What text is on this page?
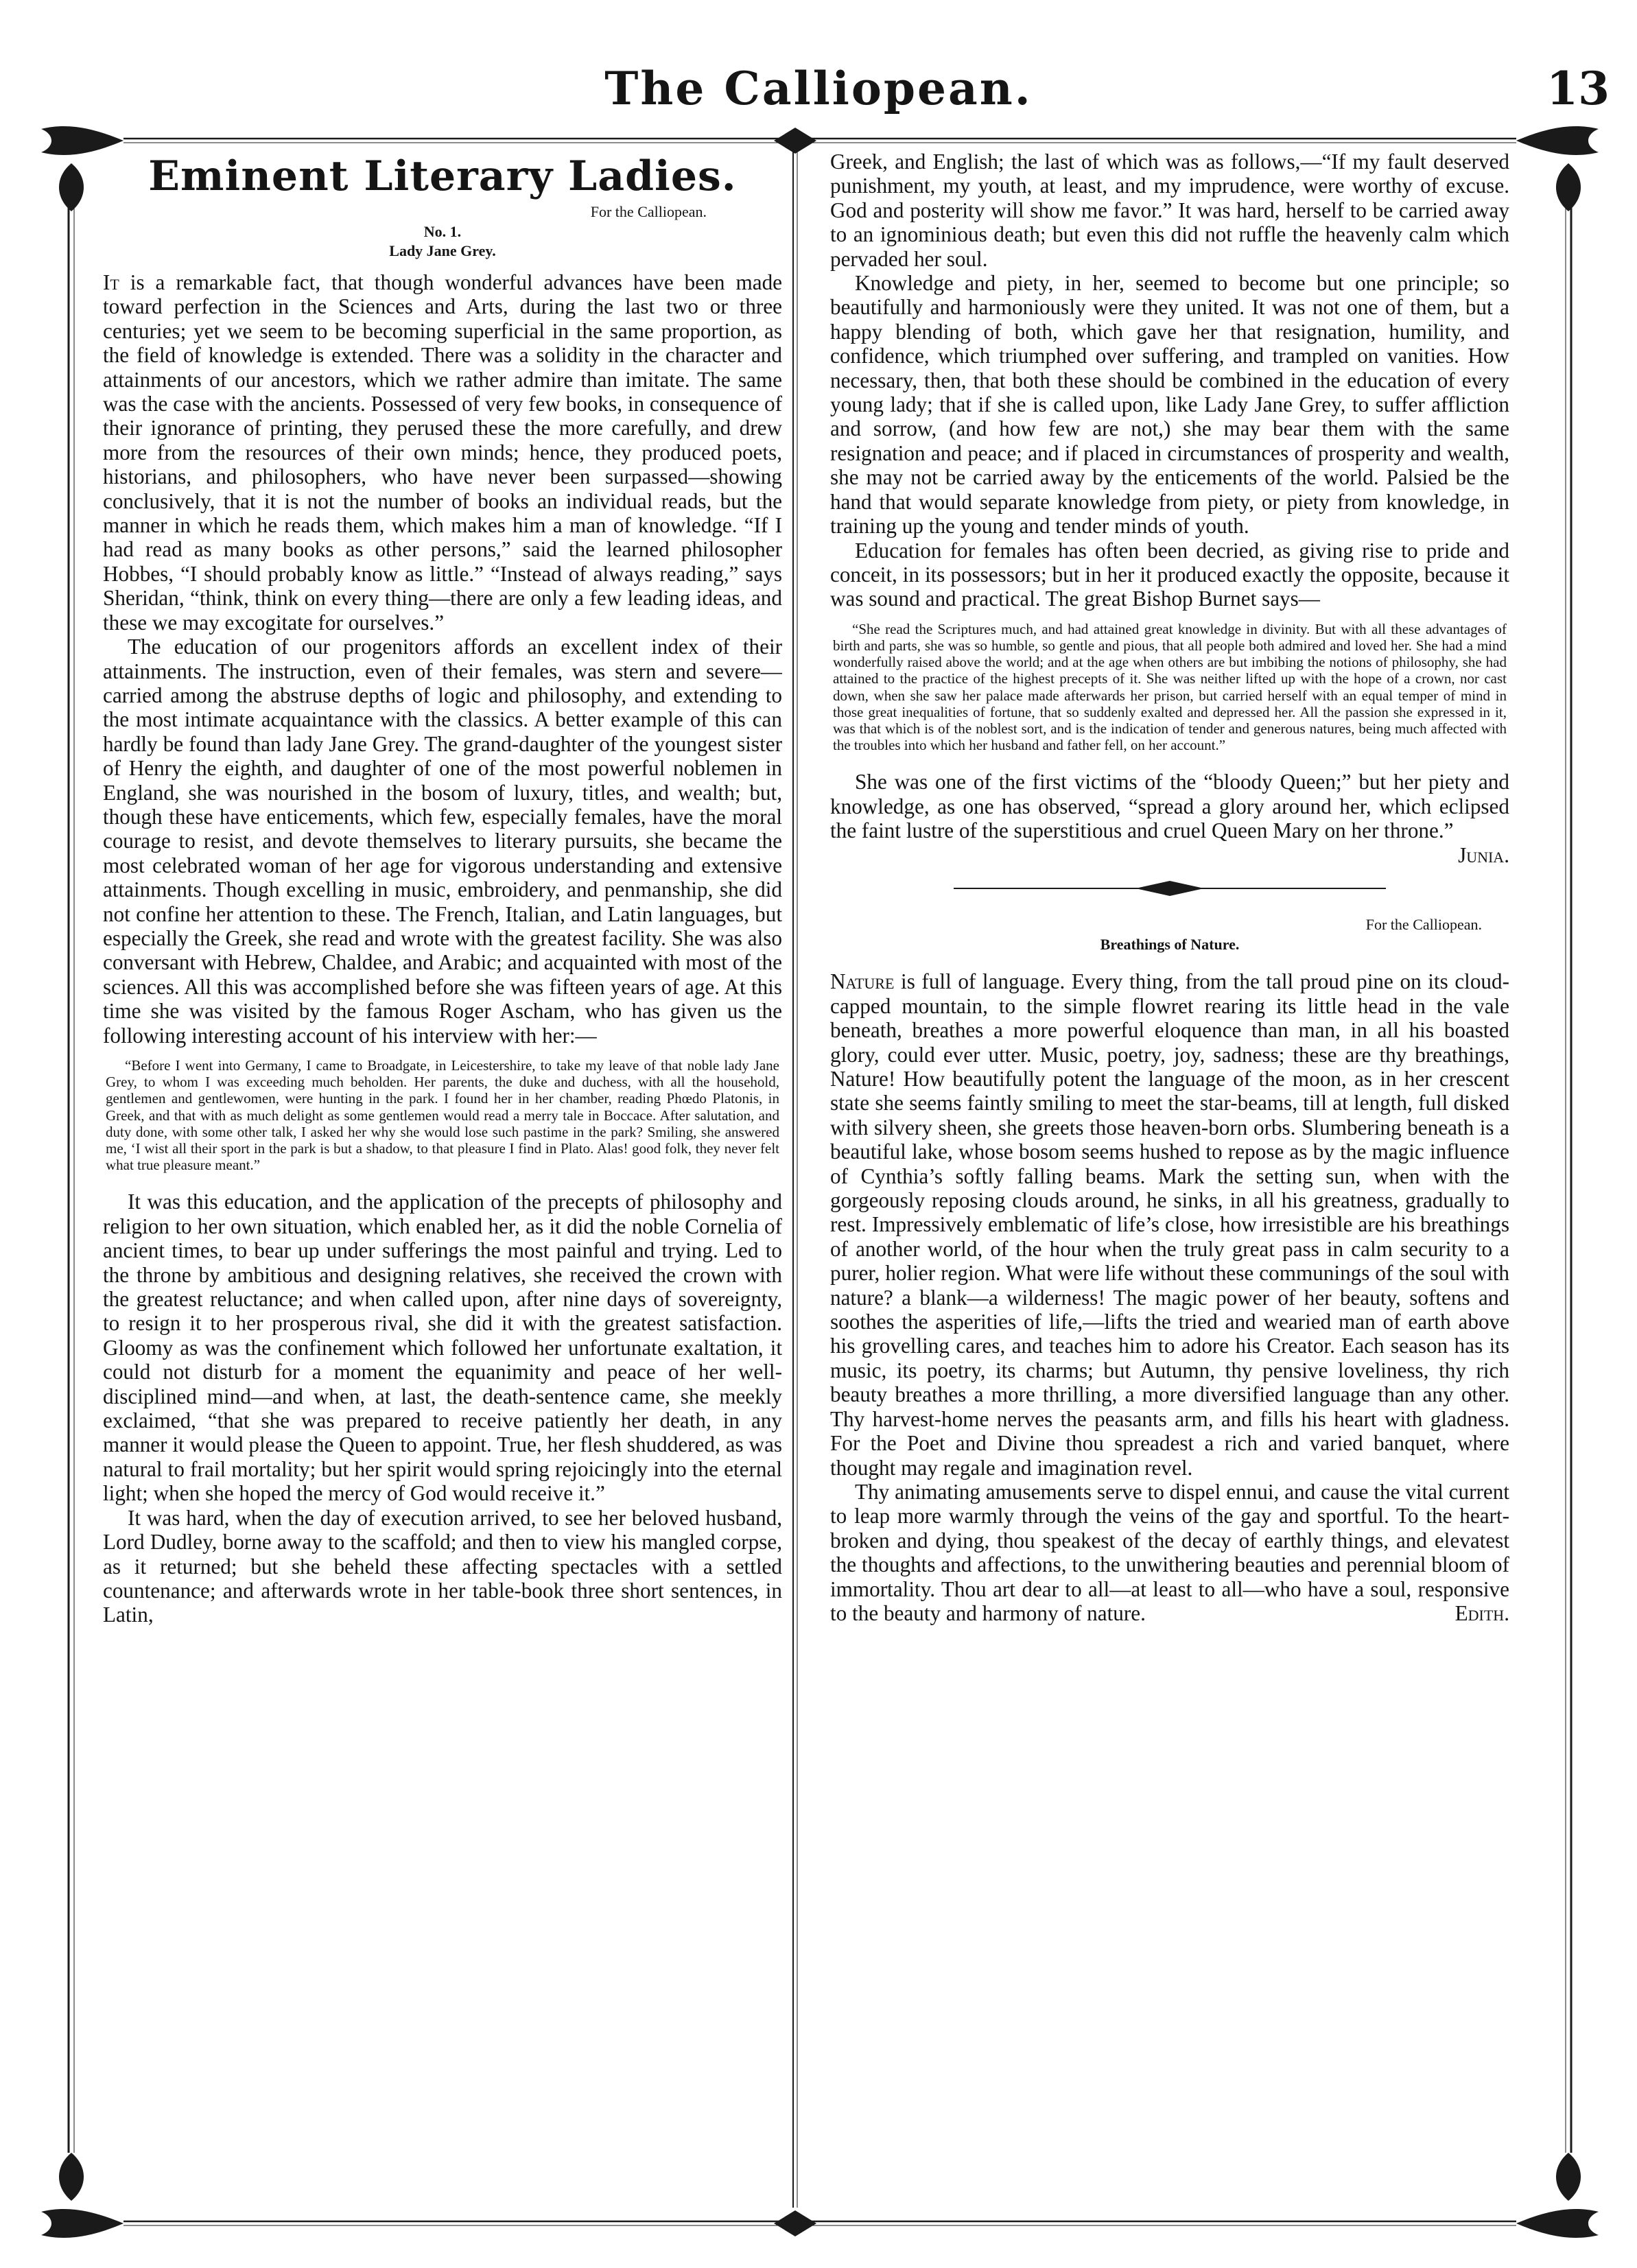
The Calliopean.	13
Eminent Literary Ladies.
For the Calliopean.
No. 1.
Lady Jane Grey.

It is a remarkable fact, that though wonderful advances have been made toward perfection in the Sciences and Arts, during the last two or three centuries; yet we seem to be becoming superficial in the same proportion, as the field of knowledge is extended. There was a solidity in the character and attainments of our ancestors, which we rather admire than imitate. The same was the case with the ancients. Possessed of very few books, in consequence of their ignorance of printing, they perused these the more carefully, and drew more from the resources of their own minds; hence, they produced poets, historians, and philosophers, who have never been surpassed—showing conclusively, that it is not the number of books an individual reads, but the manner in which he reads them, which makes him a man of knowledge. “If I had read as many books as other persons,” said the learned philosopher Hobbes, “I should probably know as little.” “Instead of always reading,” says Sheridan, “think, think on every thing—there are only a few leading ideas, and these we may excogitate for ourselves.”

The education of our progenitors affords an excellent index of their attainments. The instruction, even of their females, was stern and severe—carried among the abstruse depths of logic and philosophy, and extending to the most intimate acquaintance with the classics. A better example of this can hardly be found than lady Jane Grey. The grand-daughter of the youngest sister of Henry the eighth, and daughter of one of the most powerful noblemen in England, she was nourished in the bosom of luxury, titles, and wealth; but, though these have enticements, which few, especially females, have the moral courage to resist, and devote themselves to literary pursuits, she became the most celebrated woman of her age for vigorous understanding and extensive attainments. Though excelling in music, embroidery, and penmanship, she did not confine her attention to these. The French, Italian, and Latin languages, but especially the Greek, she read and wrote with the greatest facility. She was also conversant with Hebrew, Chaldee, and Arabic; and acquainted with most of the sciences. All this was accomplished before she was fifteen years of age. At this time she was visited by the famous Roger Ascham, who has given us the following interesting account of his interview with her:—

“Before I went into Germany, I came to Broadgate, in Leicestershire, to take my leave of that noble lady Jane Grey, to whom I was exceeding much beholden. Her parents, the duke and duchess, with all the household, gentlemen and gentlewomen, were hunting in the park. I found her in her chamber, reading Phœdo Platonis, in Greek, and that with as much delight as some gentlemen would read a merry tale in Boccace. After salutation, and duty done, with some other talk, I asked her why she would lose such pastime in the park? Smiling, she answered me, ‘I wist all their sport in the park is but a shadow, to that pleasure I find in Plato. Alas! good folk, they never felt what true pleasure meant.”

It was this education, and the application of the precepts of philosophy and religion to her own situation, which enabled her, as it did the noble Cornelia of ancient times, to bear up under sufferings the most painful and trying. Led to the throne by ambitious and designing relatives, she received the crown with the greatest reluctance; and when called upon, after nine days of sovereignty, to resign it to her prosperous rival, she did it with the greatest satisfaction. Gloomy as was the confinement which followed her unfortunate exaltation, it could not disturb for a moment the equanimity and peace of her well-disciplined mind—and when, at last, the death-sentence came, she meekly exclaimed, “that she was prepared to receive patiently her death, in any manner it would please the Queen to appoint. True, her flesh shuddered, as was natural to frail mortality; but her spirit would spring rejoicingly into the eternal light; when she hoped the mercy of God would receive it.”

It was hard, when the day of execution arrived, to see her beloved husband, Lord Dudley, borne away to the scaffold; and then to view his mangled corpse, as it returned; but she beheld these affecting spectacles with a settled countenance; and afterwards wrote in her table-book three short sentences, in Latin,

Greek, and English; the last of which was as follows,—“If my fault deserved punishment, my youth, at least, and my imprudence, were worthy of excuse. God and posterity will show me favor.” It was hard, herself to be carried away to an ignominious death; but even this did not ruffle the heavenly calm which pervaded her soul.

Knowledge and piety, in her, seemed to become but one principle; so beautifully and harmoniously were they united. It was not one of them, but a happy blending of both, which gave her that resignation, humility, and confidence, which triumphed over suffering, and trampled on vanities. How necessary, then, that both these should be combined in the education of every young lady; that if she is called upon, like Lady Jane Grey, to suffer affliction and sorrow, (and how few are not,) she may bear them with the same resignation and peace; and if placed in circumstances of prosperity and wealth, she may not be carried away by the enticements of the world. Palsied be the hand that would separate knowledge from piety, or piety from knowledge, in training up the young and tender minds of youth.

Education for females has often been decried, as giving rise to pride and conceit, in its possessors; but in her it produced exactly the opposite, because it was sound and practical. The great Bishop Burnet says—

“She read the Scriptures much, and had attained great knowledge in divinity. But with all these advantages of birth and parts, she was so humble, so gentle and pious, that all people both admired and loved her. She had a mind wonderfully raised above the world; and at the age when others are but imbibing the notions of philosophy, she had attained to the practice of the highest precepts of it. She was neither lifted up with the hope of a crown, nor cast down, when she saw her palace made afterwards her prison, but carried herself with an equal temper of mind in those great inequalities of fortune, that so suddenly exalted and depressed her. All the passion she expressed in it, was that which is of the noblest sort, and is the indication of tender and generous natures, being much affected with the troubles into which her husband and father fell, on her account.”

She was one of the first victims of the “bloody Queen;” but her piety and knowledge, as one has observed, “spread a glory around her, which eclipsed the faint lustre of the superstitious and cruel Queen Mary on her throne.”
Junia.

For the Calliopean.
Breathings of Nature.

Nature is full of language. Every thing, from the tall proud pine on its cloud-capped mountain, to the simple flowret rearing its little head in the vale beneath, breathes a more powerful eloquence than man, in all his boasted glory, could ever utter. Music, poetry, joy, sadness; these are thy breathings, Nature! How beautifully potent the language of the moon, as in her crescent state she seems faintly smiling to meet the star-beams, till at length, full disked with silvery sheen, she greets those heaven-born orbs. Slumbering beneath is a beautiful lake, whose bosom seems hushed to repose as by the magic influence of Cynthia’s softly falling beams. Mark the setting sun, when with the gorgeously reposing clouds around, he sinks, in all his greatness, gradually to rest. Impressively emblematic of life’s close, how irresistible are his breathings of another world, of the hour when the truly great pass in calm security to a purer, holier region. What were life without these communings of the soul with nature? a blank—a wilderness! The magic power of her beauty, softens and soothes the asperities of life,—lifts the tried and wearied man of earth above his grovelling cares, and teaches him to adore his Creator. Each season has its music, its poetry, its charms; but Autumn, thy pensive loveliness, thy rich beauty breathes a more thrilling, a more diversified language than any other. Thy harvest-home nerves the peasants arm, and fills his heart with gladness. For the Poet and Divine thou spreadest a rich and varied banquet, where thought may regale and imagination revel.

Thy animating amusements serve to dispel ennui, and cause the vital current to leap more warmly through the veins of the gay and sportful. To the heart-broken and dying, thou speakest of the decay of earthly things, and elevatest the thoughts and affections, to the unwithering beauties and perennial bloom of immortality. Thou art dear to all—at least to all—who have a soul, responsive to the beauty and harmony of nature.	Edith.
